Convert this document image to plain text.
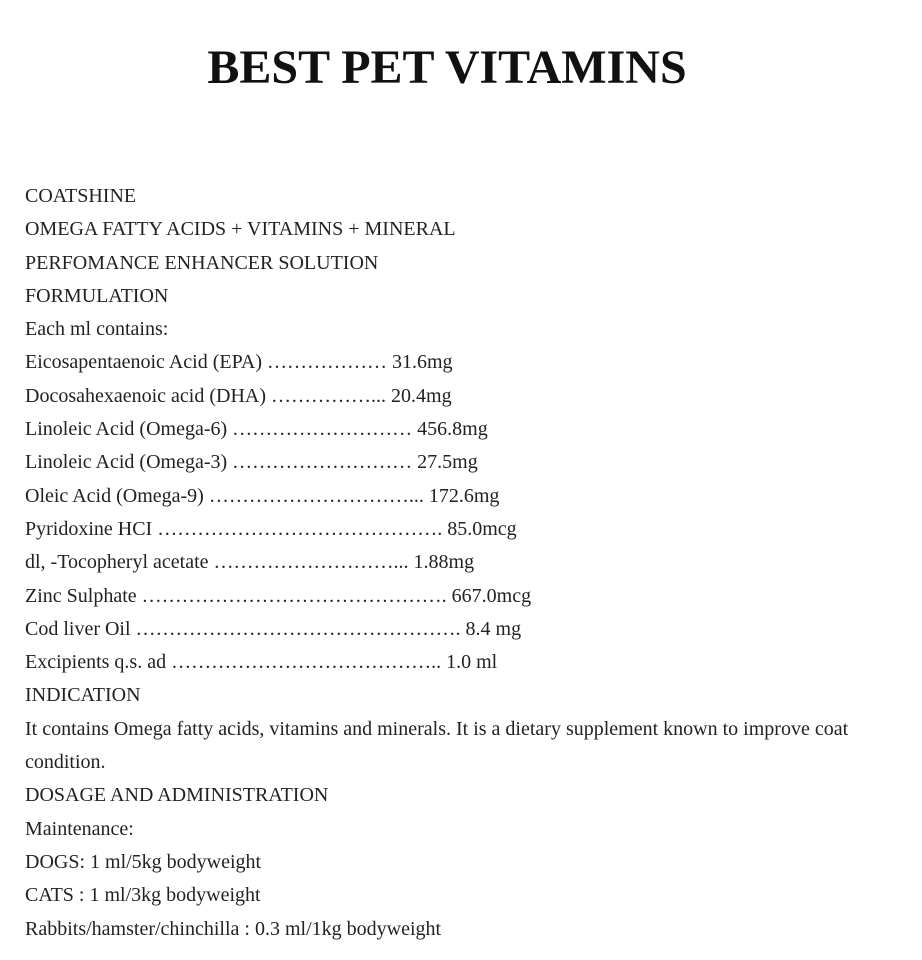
BEST PET VITAMINS

COATSHINE

OMEGA FATTY ACIDS + VITAMINS + MINERAL

PERFOMANCE ENHANCER SOLUTION

FORMULATION

Each ml contains:

Eicosapentaenoic Acid (EPA) ……………… 31.6mg

Docosahexaenoic acid (DHA) ……………... 20.4mg

Linoleic Acid (Omega-6) ……………………… 456.8mg

Linoleic Acid (Omega-3) ……………………… 27.5mg

Oleic Acid (Omega-9) …………………………... 172.6mg

Pyridoxine HCI ……………………………………. 85.0mcg

dl, -Tocopheryl acetate ………………………... 1.88mg

Zinc Sulphate ………………………………………. 667.0mcg

Cod liver Oil …………………………………………. 8.4 mg

Excipients q.s. ad ………………………………….. 1.0 ml

INDICATION

It contains Omega fatty acids, vitamins and minerals. It is a dietary supplement known to improve coat condition.

DOSAGE AND ADMINISTRATION

Maintenance:

DOGS: 1 ml/5kg bodyweight

CATS : 1 ml/3kg bodyweight

Rabbits/hamster/chinchilla : 0.3 ml/1kg bodyweight
